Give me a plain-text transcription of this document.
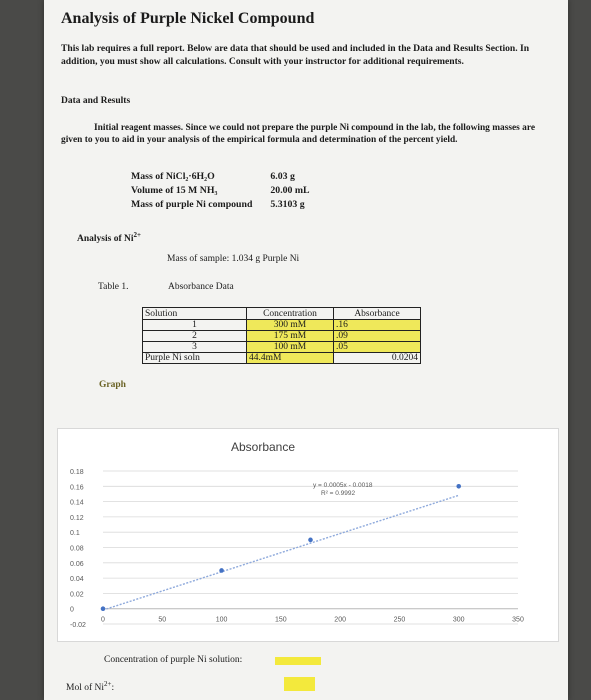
Analysis of Purple Nickel Compound
This lab requires a full report. Below are data that should be used and included in the Data and Results Section. In addition, you must show all calculations. Consult with your instructor for additional requirements.
Data and Results
Initial reagent masses. Since we could not prepare the purple Ni compound in the lab, the following masses are given to you to aid in your analysis of the empirical formula and determination of the percent yield.
Mass of NiCl₂·6H₂O	6.03 g
Volume of 15 M NH₃	20.00 mL
Mass of purple Ni compound	5.3103 g
Analysis of $Ni^{2+}$
Mass of sample: 1.034 g Purple Ni
Table 1.	Absorbance Data
Solution	Concentration	Absorbance
1	300 mM	.16
2	175 mM	.09
3	100 mM	.05
Purple Ni soln	44.4mM	0.0204
Graph
Absorbance
-0.02
0
0.02
0.04
0.06
0.08
0.1
0.12
0.14
0.16
0.18
0	50	100	150	200	250	300	350
y = 0.0005x - 0.0018
R² = 0.9992
Concentration of purple Ni solution:
Mol of $Ni^{2+}$:
